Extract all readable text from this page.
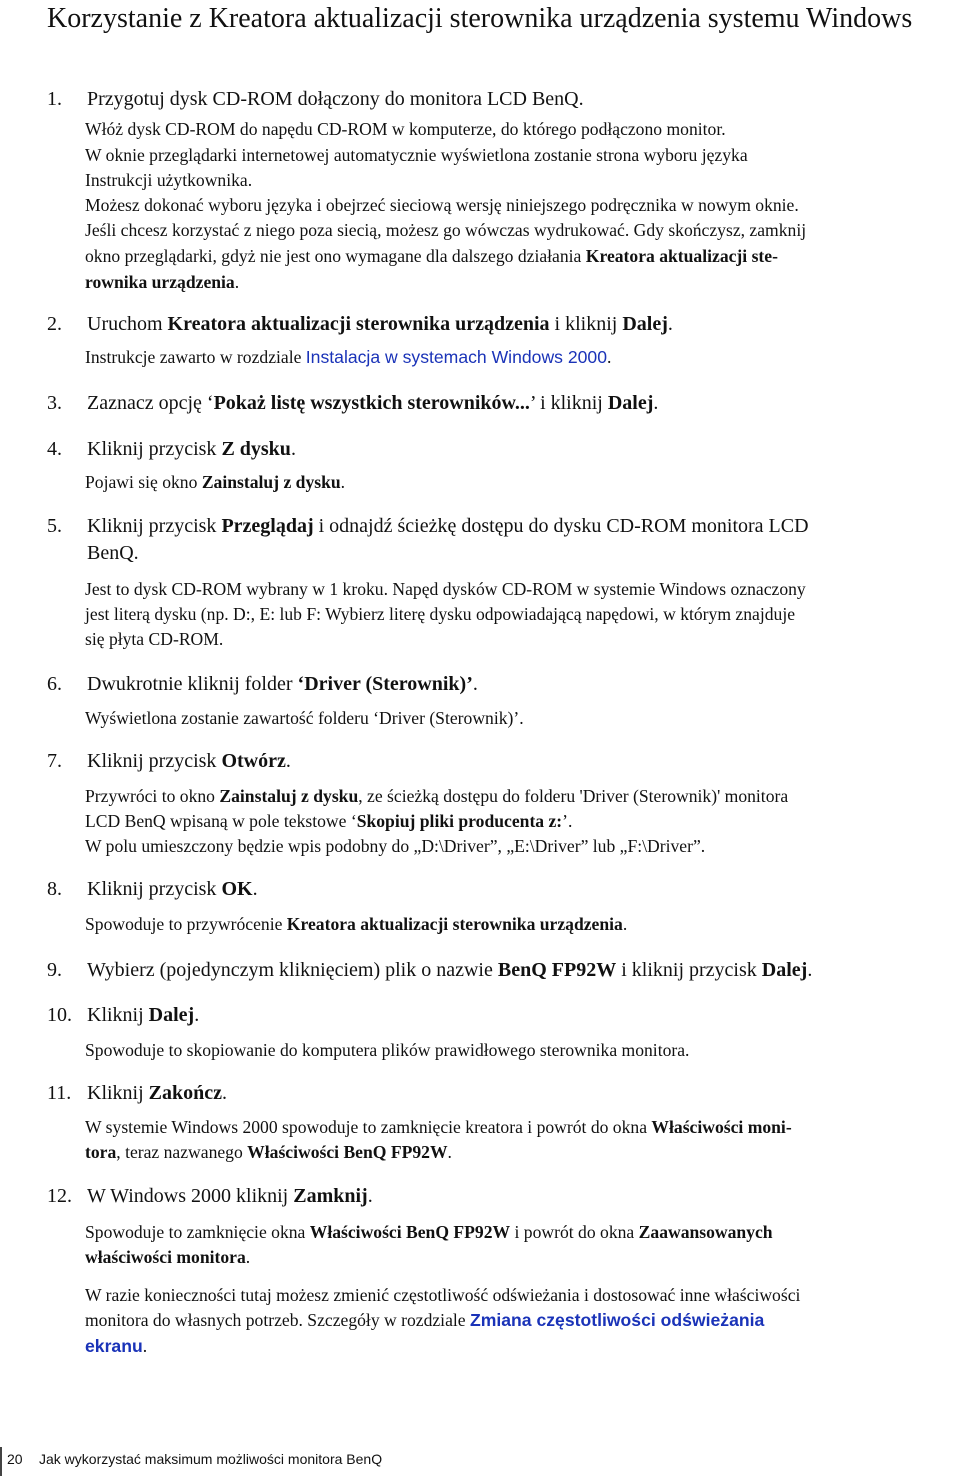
Korzystanie z Kreatora aktualizacji sterownika urządzenia systemu Windows

1. Przygotuj dysk CD-ROM dołączony do monitora LCD BenQ.

Włóż dysk CD-ROM do napędu CD-ROM w komputerze, do którego podłączono monitor.

W oknie przeglądarki internetowej automatycznie wyświetlona zostanie strona wyboru języka

Instrukcji użytkownika.

Możesz dokonać wyboru języka i obejrzeć sieciową wersję niniejszego podręcznika w nowym oknie.

Jeśli chcesz korzystać z niego poza siecią, możesz go wówczas wydrukować. Gdy skończysz, zamknij

okno przeglądarki, gdyż nie jest ono wymagane dla dalszego działania Kreatora aktualizacji ste-

rownika urządzenia.

2. Uruchom Kreatora aktualizacji sterownika urządzenia i kliknij Dalej.

Instrukcje zawarto w rozdziale Instalacja w systemach Windows 2000.

3. Zaznacz opcję ‘Pokaż listę wszystkich sterowników...’ i kliknij Dalej.

4. Kliknij przycisk Z dysku.

Pojawi się okno Zainstaluj z dysku.

5. Kliknij przycisk Przeglądaj i odnajdź ścieżkę dostępu do dysku CD-ROM monitora LCD

BenQ.

Jest to dysk CD-ROM wybrany w 1 kroku. Napęd dysków CD-ROM w systemie Windows oznaczony

jest literą dysku (np. D:, E: lub F: Wybierz literę dysku odpowiadającą napędowi, w którym znajduje

się płyta CD-ROM.

6. Dwukrotnie kliknij folder ‘Driver (Sterownik)’.

Wyświetlona zostanie zawartość folderu ‘Driver (Sterownik)’.

7. Kliknij przycisk Otwórz.

Przywróci to okno Zainstaluj z dysku, ze ścieżką dostępu do folderu 'Driver (Sterownik)' monitora

LCD BenQ wpisaną w pole tekstowe ‘Skopiuj pliki producenta z:’.

W polu umieszczony będzie wpis podobny do „D:\Driver”, „E:\Driver” lub „F:\Driver”.

8. Kliknij przycisk OK.

Spowoduje to przywrócenie Kreatora aktualizacji sterownika urządzenia.

9. Wybierz (pojedynczym kliknięciem) plik o nazwie BenQ FP92W i kliknij przycisk Dalej.

10. Kliknij Dalej.

Spowoduje to skopiowanie do komputera plików prawidłowego sterownika monitora.

11. Kliknij Zakończ.

W systemie Windows 2000 spowoduje to zamknięcie kreatora i powrót do okna Właściwości moni-

tora, teraz nazwanego Właściwości BenQ FP92W.

12. W Windows 2000 kliknij Zamknij.

Spowoduje to zamknięcie okna Właściwości BenQ FP92W i powrót do okna Zaawansowanych

właściwości monitora.

W razie konieczności tutaj możesz zmienić częstotliwość odświeżania i dostosować inne właściwości

monitora do własnych potrzeb. Szczegóły w rozdziale Zmiana częstotliwości odświeżania

ekranu.

20 Jak wykorzystać maksimum możliwości monitora BenQ
